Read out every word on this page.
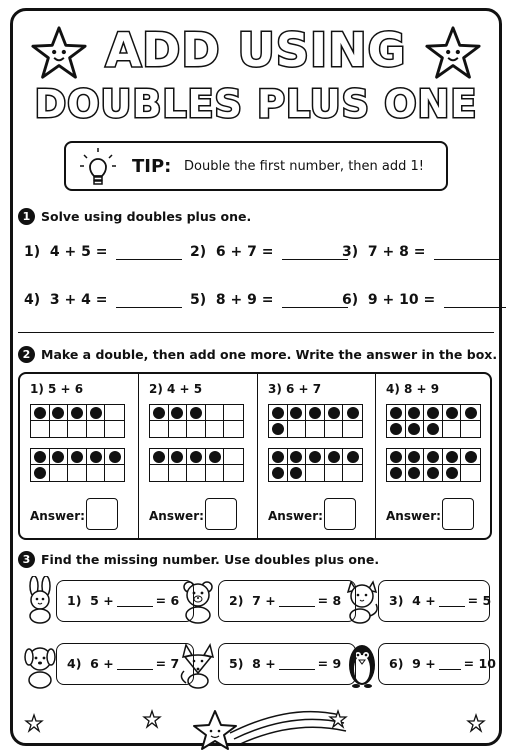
ADD USING
DOUBLES PLUS ONE
TIP: Double the first number, then add 1!
1 Solve using doubles plus one.
1) 4 + 5 =	2) 6 + 7 =	3) 7 + 8 =
4) 3 + 4 =	5) 8 + 9 =	6) 9 + 10 =
2 Make a double, then add one more. Write the answer in the box.
1) 5 + 6
Answer:
2) 4 + 5
Answer:
3) 6 + 7
Answer:
4) 8 + 9
Answer:
3 Find the missing number. Use doubles plus one.
1) 5 +	= 6	2) 7 +	= 8	3) 4 +	= 5
4) 6 +	= 7	5) 8 +	= 9	6) 9 + = 10
